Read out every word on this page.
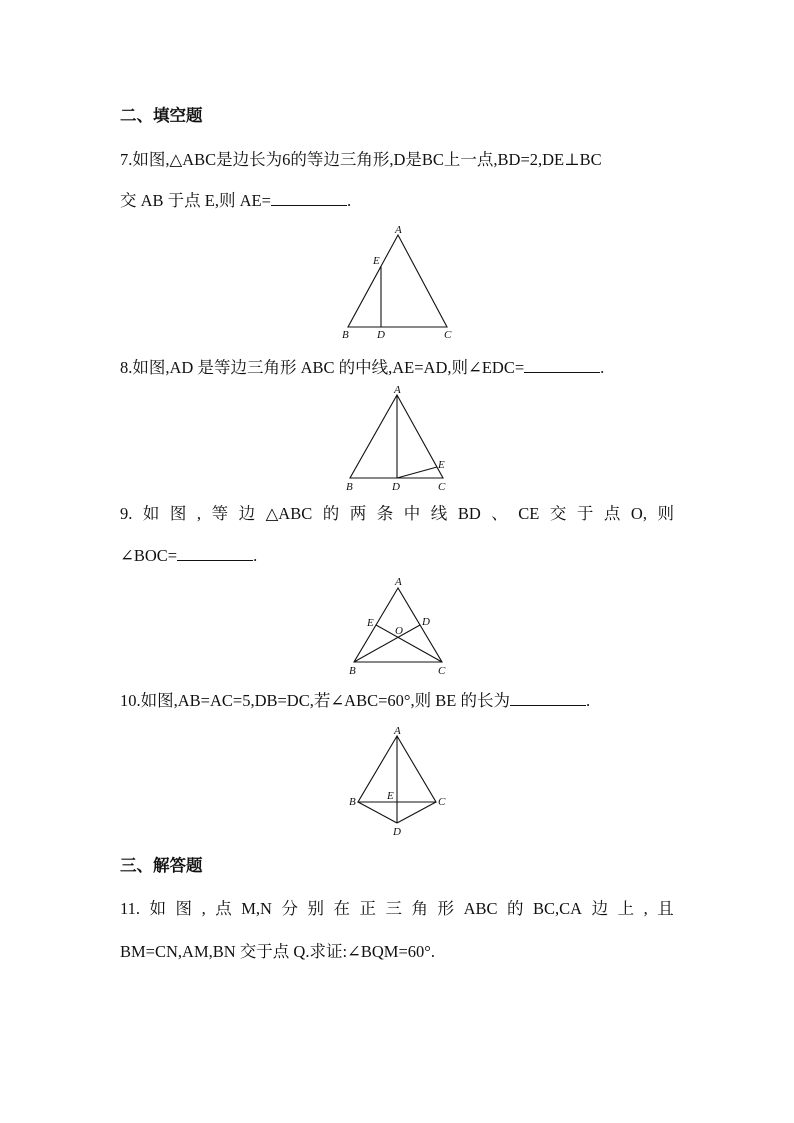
二、填空题
7.如图,△ABC是边长为6的等边三角形,D是BC上一点,BD=2,DE⊥BC
交 AB 于点 E,则 AE=	.
A
E
B	D	C
8.如图,AD 是等边三角形 ABC 的中线,AE=AD,则∠EDC=	.
A
E
B	D	C
9. 如 图 , 等 边 △ABC 的 两 条 中 线 BD 、 CE 交 于 点 O, 则
∠BOC=	.
A
E	D
O
B	C
10.如图,AB=AC=5,DB=DC,若∠ABC=60°,则 BE 的长为	.
A
B	E	C
D
三、解答题
11. 如 图 , 点 M,N 分 别 在 正 三 角 形 ABC 的 BC,CA 边 上 , 且
BM=CN,AM,BN 交于点 Q.求证:∠BQM=60°.
